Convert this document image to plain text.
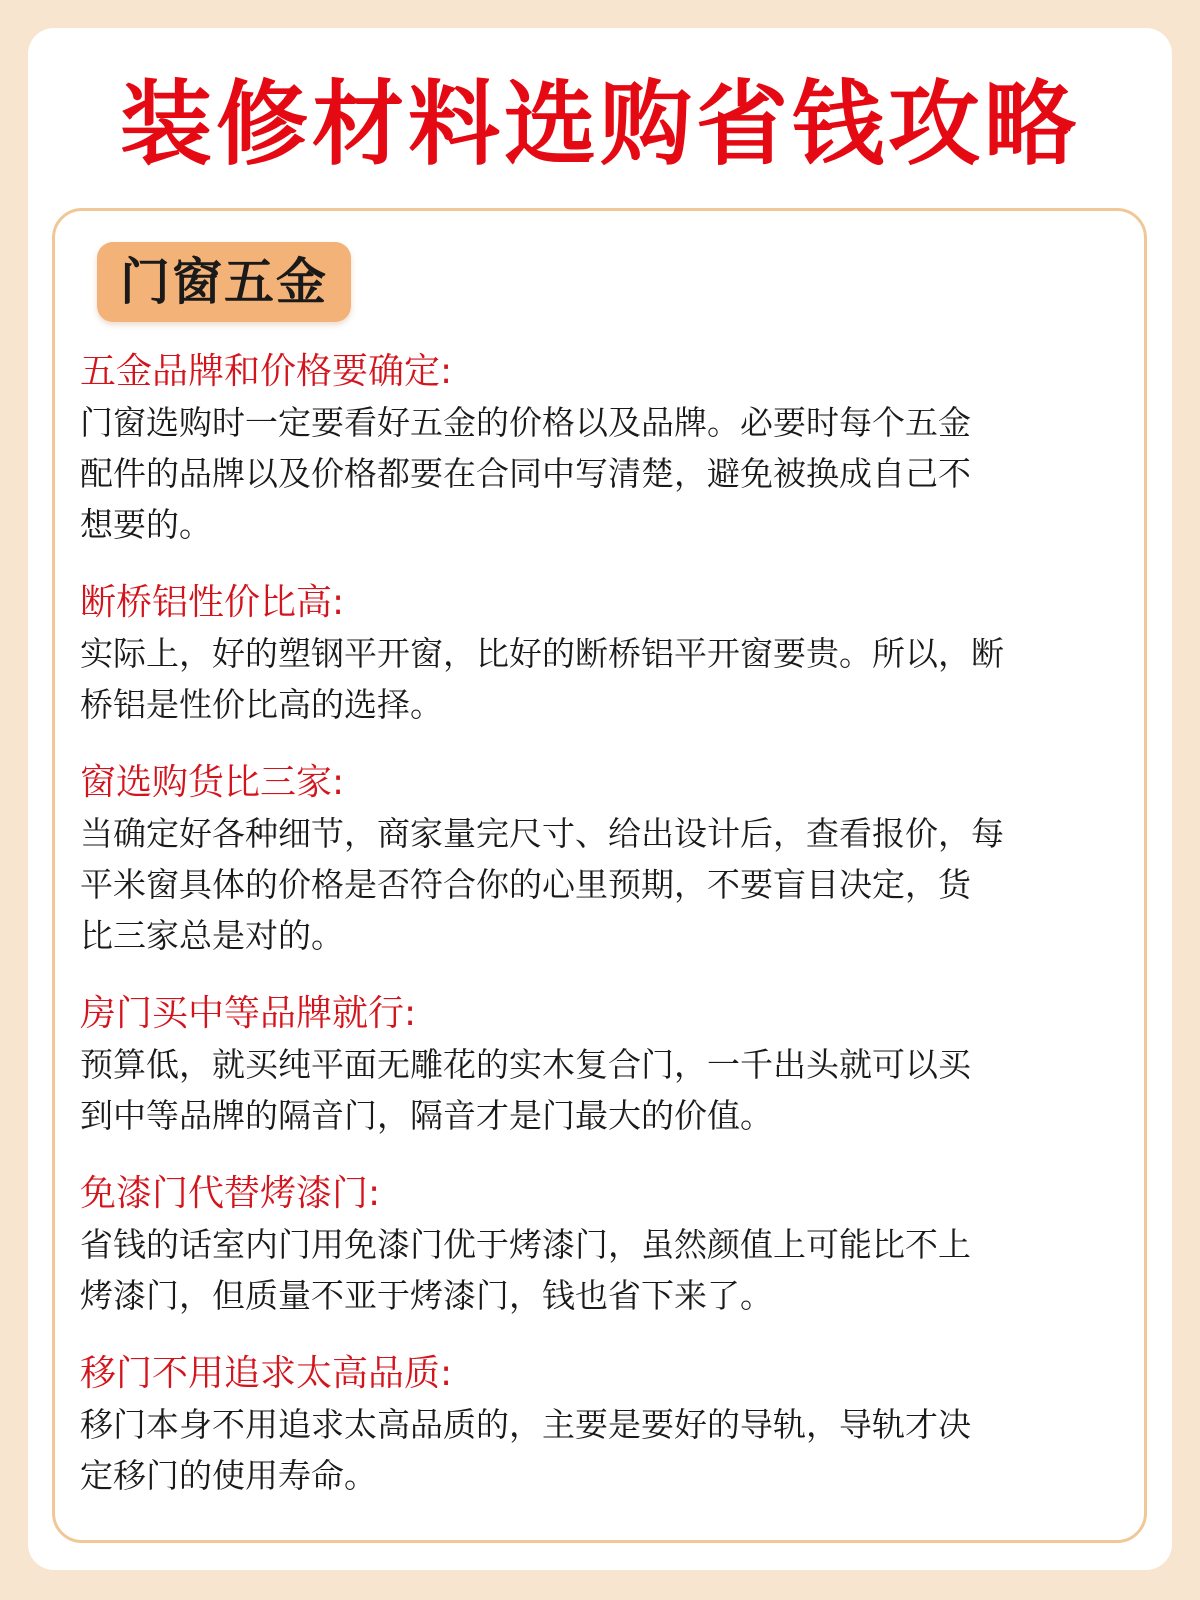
装修材料选购省钱攻略
门窗五金
五金品牌和价格要确定:
门窗选购时一定要看好五金的价格以及品牌。必要时每个五金
配件的品牌以及价格都要在合同中写清楚，避免被换成自己不
想要的。
断桥铝性价比高:
实际上，好的塑钢平开窗，比好的断桥铝平开窗要贵。所以，断
桥铝是性价比高的选择。
窗选购货比三家:
当确定好各种细节，商家量完尺寸、给出设计后，查看报价，每
平米窗具体的价格是否符合你的心里预期，不要盲目决定，货
比三家总是对的。
房门买中等品牌就行:
预算低，就买纯平面无雕花的实木复合门，一千出头就可以买
到中等品牌的隔音门，隔音才是门最大的价值。
免漆门代替烤漆门:
省钱的话室内门用免漆门优于烤漆门，虽然颜值上可能比不上
烤漆门，但质量不亚于烤漆门，钱也省下来了。
移门不用追求太高品质:
移门本身不用追求太高品质的，主要是要好的导轨，导轨才决
定移门的使用寿命。
